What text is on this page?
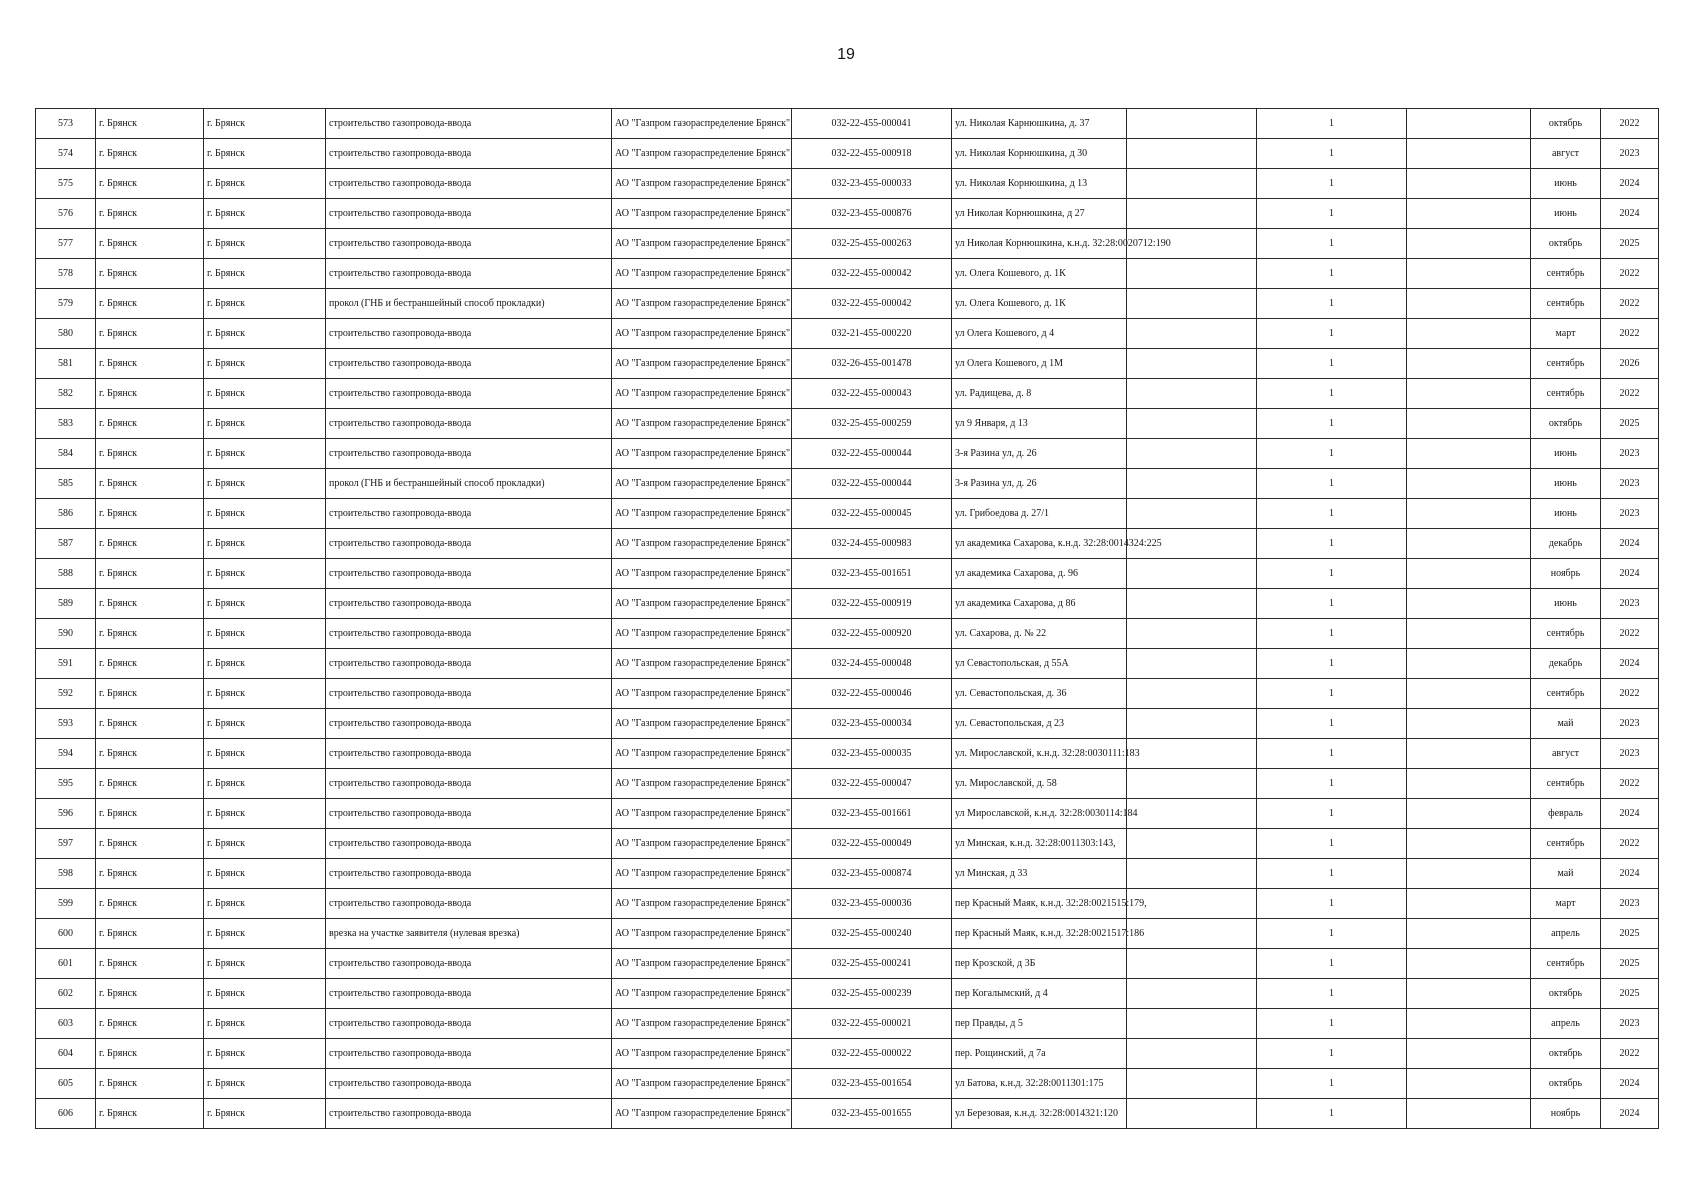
19
573	г. Брянск	г. Брянск	строительство газопровода-ввода	АО "Газпром газораспределение Брянск"	032-22-455-000041	ул. Николая Карнюшкина, д. 37		1		октябрь	2022
574	г. Брянск	г. Брянск	строительство газопровода-ввода	АО "Газпром газораспределение Брянск"	032-22-455-000918	ул. Николая Корнюшкина, д 30		1		август	2023
575	г. Брянск	г. Брянск	строительство газопровода-ввода	АО "Газпром газораспределение Брянск"	032-23-455-000033	ул. Николая Корнюшкина, д 13		1		июнь	2024
576	г. Брянск	г. Брянск	строительство газопровода-ввода	АО "Газпром газораспределение Брянск"	032-23-455-000876	ул Николая Корнюшкина, д 27		1		июнь	2024
577	г. Брянск	г. Брянск	строительство газопровода-ввода	АО "Газпром газораспределение Брянск"	032-25-455-000263	ул Николая Корнюшкина, к.н.д. 32:28:0020712:190		1		октябрь	2025
578	г. Брянск	г. Брянск	строительство газопровода-ввода	АО "Газпром газораспределение Брянск"	032-22-455-000042	ул. Олега Кошевого, д. 1К		1		сентябрь	2022
579	г. Брянск	г. Брянск	прокол (ГНБ и бестраншейный способ прокладки)	АО "Газпром газораспределение Брянск"	032-22-455-000042	ул. Олега Кошевого, д. 1К		1		сентябрь	2022
580	г. Брянск	г. Брянск	строительство газопровода-ввода	АО "Газпром газораспределение Брянск"	032-21-455-000220	ул Олега Кошевого, д 4		1		март	2022
581	г. Брянск	г. Брянск	строительство газопровода-ввода	АО "Газпром газораспределение Брянск"	032-26-455-001478	ул Олега Кошевого, д 1М		1		сентябрь	2026
582	г. Брянск	г. Брянск	строительство газопровода-ввода	АО "Газпром газораспределение Брянск"	032-22-455-000043	ул. Радищева, д. 8		1		сентябрь	2022
583	г. Брянск	г. Брянск	строительство газопровода-ввода	АО "Газпром газораспределение Брянск"	032-25-455-000259	ул 9 Января, д 13		1		октябрь	2025
584	г. Брянск	г. Брянск	строительство газопровода-ввода	АО "Газпром газораспределение Брянск"	032-22-455-000044	3-я Разина ул, д. 26		1		июнь	2023
585	г. Брянск	г. Брянск	прокол (ГНБ и бестраншейный способ прокладки)	АО "Газпром газораспределение Брянск"	032-22-455-000044	3-я Разина ул, д. 26		1		июнь	2023
586	г. Брянск	г. Брянск	строительство газопровода-ввода	АО "Газпром газораспределение Брянск"	032-22-455-000045	ул. Грибоедова д. 27/1		1		июнь	2023
587	г. Брянск	г. Брянск	строительство газопровода-ввода	АО "Газпром газораспределение Брянск"	032-24-455-000983	ул академика Сахарова, к.н.д. 32:28:0014324:225		1		декабрь	2024
588	г. Брянск	г. Брянск	строительство газопровода-ввода	АО "Газпром газораспределение Брянск"	032-23-455-001651	ул академика Сахарова, д. 96		1		ноябрь	2024
589	г. Брянск	г. Брянск	строительство газопровода-ввода	АО "Газпром газораспределение Брянск"	032-22-455-000919	ул академика Сахарова, д 86		1		июнь	2023
590	г. Брянск	г. Брянск	строительство газопровода-ввода	АО "Газпром газораспределение Брянск"	032-22-455-000920	ул. Сахарова, д. № 22		1		сентябрь	2022
591	г. Брянск	г. Брянск	строительство газопровода-ввода	АО "Газпром газораспределение Брянск"	032-24-455-000048	ул Севастопольская, д 55А		1		декабрь	2024
592	г. Брянск	г. Брянск	строительство газопровода-ввода	АО "Газпром газораспределение Брянск"	032-22-455-000046	ул. Севастопольская, д. 36		1		сентябрь	2022
593	г. Брянск	г. Брянск	строительство газопровода-ввода	АО "Газпром газораспределение Брянск"	032-23-455-000034	ул. Севастопольская, д 23		1		май	2023
594	г. Брянск	г. Брянск	строительство газопровода-ввода	АО "Газпром газораспределение Брянск"	032-23-455-000035	ул. Мирославской, к.н.д. 32:28:0030111:183		1		август	2023
595	г. Брянск	г. Брянск	строительство газопровода-ввода	АО "Газпром газораспределение Брянск"	032-22-455-000047	ул. Мирославской, д. 58		1		сентябрь	2022
596	г. Брянск	г. Брянск	строительство газопровода-ввода	АО "Газпром газораспределение Брянск"	032-23-455-001661	ул Мирославской, к.н.д. 32:28:0030114:184		1		февраль	2024
597	г. Брянск	г. Брянск	строительство газопровода-ввода	АО "Газпром газораспределение Брянск"	032-22-455-000049	ул Минская, к.н.д. 32:28:0011303:143,		1		сентябрь	2022
598	г. Брянск	г. Брянск	строительство газопровода-ввода	АО "Газпром газораспределение Брянск"	032-23-455-000874	ул Минская, д 33		1		май	2024
599	г. Брянск	г. Брянск	строительство газопровода-ввода	АО "Газпром газораспределение Брянск"	032-23-455-000036	пер Красный Маяк, к.н.д. 32:28:0021515:179,		1		март	2023
600	г. Брянск	г. Брянск	врезка на участке заявителя (нулевая врезка)	АО "Газпром газораспределение Брянск"	032-25-455-000240	пер Красный Маяк, к.н.д. 32:28:0021517:186		1		апрель	2025
601	г. Брянск	г. Брянск	строительство газопровода-ввода	АО "Газпром газораспределение Брянск"	032-25-455-000241	пер Крозской, д 3Б		1		сентябрь	2025
602	г. Брянск	г. Брянск	строительство газопровода-ввода	АО "Газпром газораспределение Брянск"	032-25-455-000239	пер Когалымский, д 4		1		октябрь	2025
603	г. Брянск	г. Брянск	строительство газопровода-ввода	АО "Газпром газораспределение Брянск"	032-22-455-000021	пер Правды, д 5		1		апрель	2023
604	г. Брянск	г. Брянск	строительство газопровода-ввода	АО "Газпром газораспределение Брянск"	032-22-455-000022	пер. Рощинский, д 7а		1		октябрь	2022
605	г. Брянск	г. Брянск	строительство газопровода-ввода	АО "Газпром газораспределение Брянск"	032-23-455-001654	ул Батова, к.н.д. 32:28:0011301:175		1		октябрь	2024
606	г. Брянск	г. Брянск	строительство газопровода-ввода	АО "Газпром газораспределение Брянск"	032-23-455-001655	ул Березовая, к.н.д. 32:28:0014321:120		1		ноябрь	2024
